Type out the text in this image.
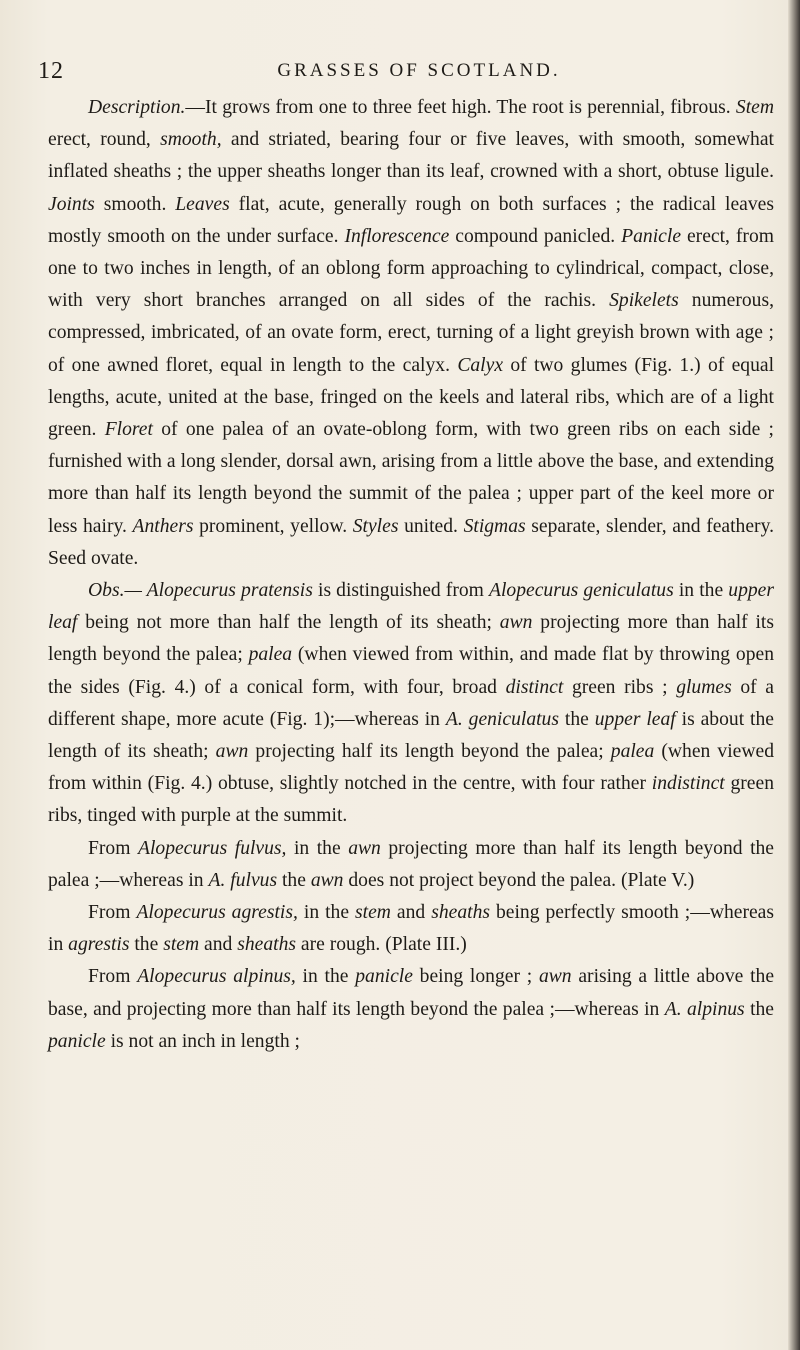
12	GRASSES OF SCOTLAND.

Description.—It grows from one to three feet high. The root is perennial, fibrous. Stem erect, round, smooth, and striated, bearing four or five leaves, with smooth, somewhat inflated sheaths ; the upper sheaths longer than its leaf, crowned with a short, obtuse ligule. Joints smooth. Leaves flat, acute, generally rough on both surfaces ; the radical leaves mostly smooth on the under surface. Inflorescence compound panicled. Panicle erect, from one to two inches in length, of an oblong form approaching to cylindrical, compact, close, with very short branches arranged on all sides of the rachis. Spikelets numerous, compressed, imbricated, of an ovate form, erect, turning of a light greyish brown with age ; of one awned floret, equal in length to the calyx. Calyx of two glumes (Fig. 1.) of equal lengths, acute, united at the base, fringed on the keels and lateral ribs, which are of a light green. Floret of one palea of an ovate-oblong form, with two green ribs on each side ; furnished with a long slender, dorsal awn, arising from a little above the base, and extending more than half its length beyond the summit of the palea ; upper part of the keel more or less hairy. Anthers prominent, yellow. Styles united. Stigmas separate, slender, and feathery. Seed ovate.

Obs.— Alopecurus pratensis is distinguished from Alopecurus geniculatus in the upper leaf being not more than half the length of its sheath; awn projecting more than half its length beyond the palea; palea (when viewed from within, and made flat by throwing open the sides (Fig. 4.) of a conical form, with four, broad distinct green ribs ; glumes of a different shape, more acute (Fig. 1);—whereas in A. geniculatus the upper leaf is about the length of its sheath; awn projecting half its length beyond the palea; palea (when viewed from within (Fig. 4.) obtuse, slightly notched in the centre, with four rather indistinct green ribs, tinged with purple at the summit.

From Alopecurus fulvus, in the awn projecting more than half its length beyond the palea ;—whereas in A. fulvus the awn does not project beyond the palea. (Plate V.)

From Alopecurus agrestis, in the stem and sheaths being perfectly smooth ;—whereas in agrestis the stem and sheaths are rough. (Plate III.)

From Alopecurus alpinus, in the panicle being longer ; awn arising a little above the base, and projecting more than half its length beyond the palea ;—whereas in A. alpinus the panicle is not an inch in length ;
